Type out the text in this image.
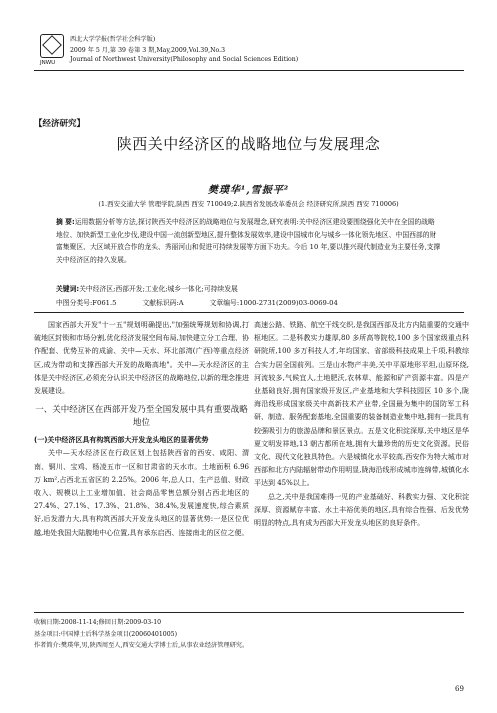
JNWU
西北大学学报(哲学社会科学版)
2009 年 5 月,第 39 卷第 3 期,May,2009,Vol.39,No.3
Journal of Northwest University(Philosophy and Social Sciences Edition)
【经济研究】
陕西关中经济区的战略地位与发展理念
樊璞华¹,雪振平²
(1.西安交通大学 管理学院,陕西 西安 710049;2.陕西省发展改革委员会 经济研究所,陕西 西安 710006)
摘 要:运用数据分析等方法,探讨陕西关中经济区的战略地位与发展理念,研究表明:关中经济区建设要围绕强化关中在全国的战略地位、加快新型工业化步伐,建设中国一流创新型地区,提升整体发展效率,建设中国城市化与城乡一体化领先地区、中国西部的财富集聚区、大区域开放合作的龙头、秀丽河山和促进可持续发展等方面下功夫。今后 10 年,要以推兴现代制造业为主要任务,支撑关中经济区的持久发展。
关键词:关中经济区;西部开发;工业化;城乡一体化;可持续发展
中图分类号:F061.5	文献标识码:A	文章编号:1000-2731(2009)03-0069-04

国家西部大开发"十一五"规划明确提出,"加强统筹规划和协调,打破地区封锁和市场分割,优化经济发展空间布局,加快建立分工合理、协作配套、优势互补的成渝、关中—天水、环北部湾(广西)等重点经济区,成为带动和支撑西部大开发的战略高地"。关中—天水经济区的主体是关中经济区,必须充分认识关中经济区的战略地位,以新的理念推进发展建设。

一、关中经济区在西部开发乃至全国发展中具有重要战略地位
(一)关中经济区具有构筑西部大开发龙头地区的显著优势

关中—天水经济区在行政区划上包括陕西省的西安、咸阳、渭南、铜川、宝鸡、杨凌五市一区和甘肃省的天水市。土地面积 6.96 万 km²,占西北五省区的 2.25%。2006 年,总人口、生产总值、财政收入、规模以上工业增加值、社会商品零售总额分别占西北地区的 27.4%、27.1%、17.3%、21.8%、38.4%,发展速度快,综合素质好,后发潜力大,具有构筑西部大开发龙头地区的显著优势:一是区位优越,地处我国大陆腹地中心位置,具有承东启西、连接南北的区位之便。

高速公路、铁路、航空干线交织,是我国西部及北方内陆重要的交通中枢地区。二是科教实力雄厚,80 多所高等院校,100 多个国家级重点科研院所,100 多万科技人才,年均国家、省部级科技成果上千项,科教综合实力居全国前列。三是山水物产丰美,关中平原地形平坦,山原环绕,河流较多,气候宜人,土地肥沃,农林草、能源和矿产资源丰富。四是产业基础良好,拥有国家级开发区,产业基地和大学科技园区 10 多个,陇海沿线形成国家级关中高新技术产业带,全国最为集中的国防军工科研、制造、服务配套基地,全国重要的装备制造业集中地,拥有一批具有较强吸引力的旅游品牌和景区景点。五是文化积淀深厚,关中地区是华夏文明发祥地,13 朝古都所在地,拥有大量珍贵的历史文化资源。民俗文化、现代文化独具特色。六是城镇化水平较高,西安作为特大城市对西部和北方内陆辐射带动作用明显,陇海沿线形成城市连绵带,城镇化水平达到 45%以上。

总之,关中是我国难得一见的产业基础好、科教实力强、文化积淀深厚、资源赋存丰富、水土丰裕优美的地区,具有综合性强、后发优势明显的特点,具有成为西部大开发龙头地区的良好条件。

收稿日期:2008-11-14;修回日期:2009-03-10
基金项目:中国博士后科学基金项目(20060401005)
作者简介:樊璞华,男,陕西周至人,西安交通大学博士后,从事农业经济管理研究。
69
